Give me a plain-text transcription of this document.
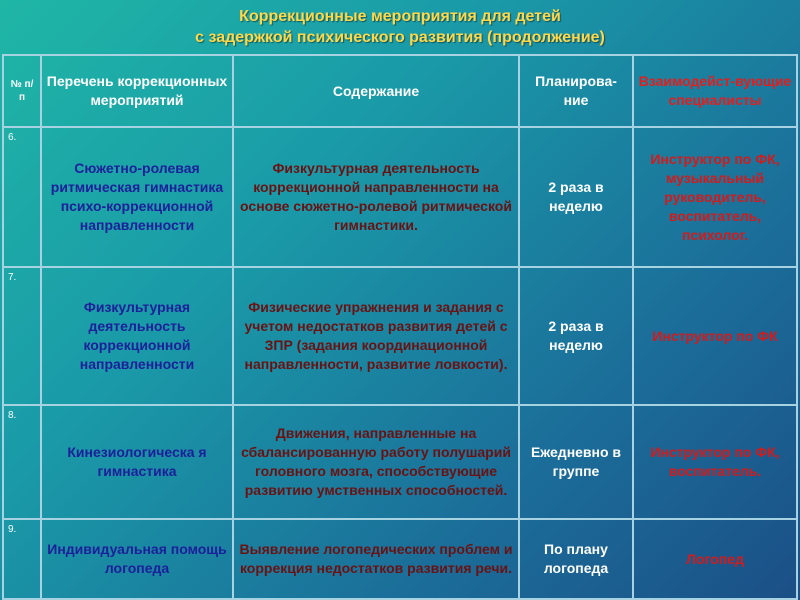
Коррекционные мероприятия для детей
с задержкой психического развития (продолжение)
№ п/п	Перечень коррекционных мероприятий	Содержание	Планирова-ние	Взаимодейст-вующие специалисты
6.	Сюжетно-ролевая ритмическая гимнастика психо-коррекционной направленности	Физкультурная деятельность коррекционной направленности на основе сюжетно-ролевой ритмической гимнастики.	2 раза в неделю	Инструктор по ФК, музыкальный руководитель, воспитатель, психолог.
7.	Физкультурная деятельность коррекционной направленности	Физические упражнения и задания с учетом недостатков развития детей с ЗПР (задания координационной направленности, развитие ловкости).	2 раза в неделю	Инструктор по ФК
8.	Кинезиологическа я гимнастика	Движения, направленные на сбалансированную работу полушарий головного мозга, способствующие развитию умственных способностей.	Ежедневно в группе	Инструктор по ФК, воспитатель.
9.	Индивидуальная помощь логопеда	Выявление логопедических проблем и коррекция недостатков развития речи.	По плану логопеда	Логопед
